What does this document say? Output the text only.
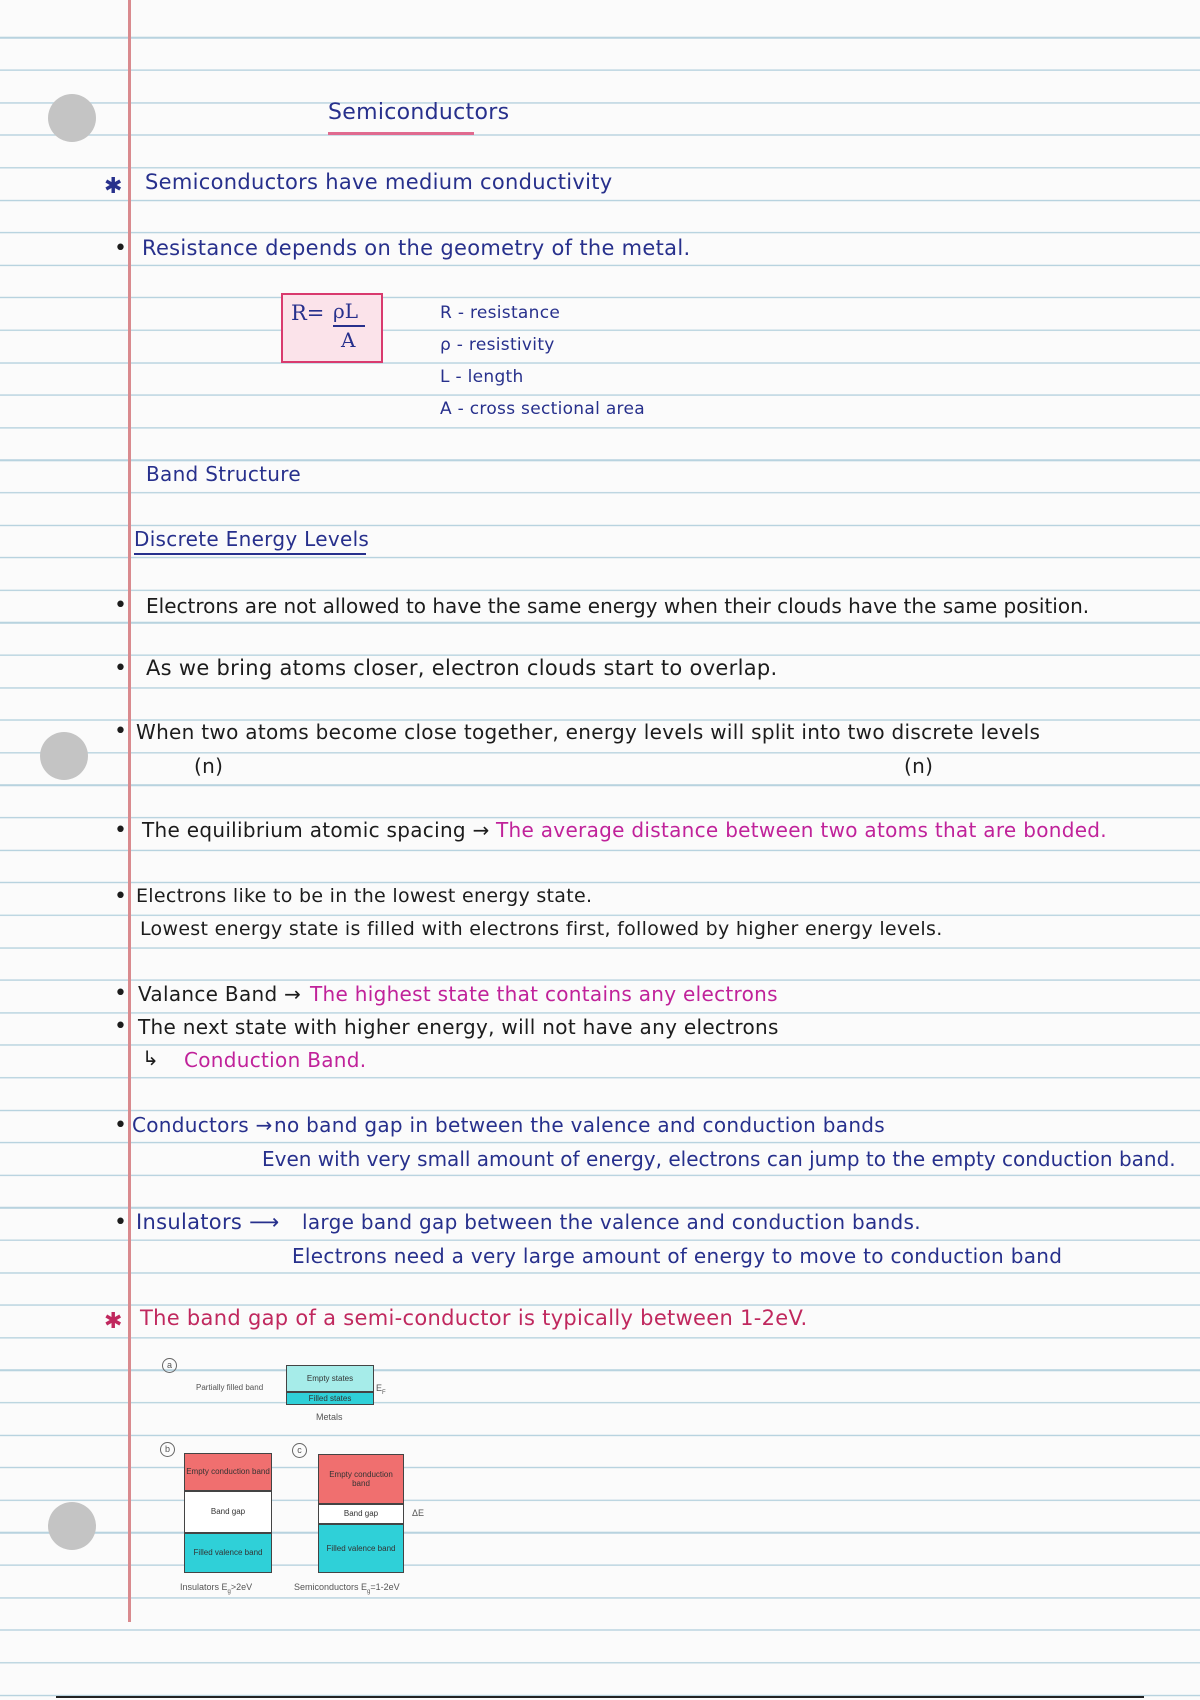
Semiconductors
✱ Semiconductors have medium conductivity
• Resistance depends on the geometry of the metal.
R= ρL
A
R - resistance
ρ - resistivity
L - length
A - cross sectional area
Band Structure
Discrete Energy Levels
• Electrons are not allowed to have the same energy when their clouds have the same position.
• As we bring atoms closer, electron clouds start to overlap.
• When two atoms become close together, energy levels will split into two discrete levels
(n)	(n)
• The equilibrium atomic spacing → The average distance between two atoms that are bonded.
• Electrons like to be in the lowest energy state.
Lowest energy state is filled with electrons first, followed by higher energy levels.
• Valance Band → The highest state that contains any electrons
• The next state with higher energy, will not have any electrons
↳ Conduction Band.
• Conductors → no band gap in between the valence and conduction bands
Even with very small amount of energy, electrons can jump to the empty conduction band.
• Insulators ⟶ large band gap between the valence and conduction bands.
Electrons need a very large amount of energy to move to conduction band
✱ The band gap of a semi-conductor is typically between 1-2eV.
a
Partially filled band
Empty states
Filled states
$E_F$
Metals
b
Empty conduction band
Band gap
Filled valence band
Insulators $E_g>2eV$
c
Empty conduction band
Band gap
Filled valence band
ΔE
Semiconductors $E_g=1-2eV$
